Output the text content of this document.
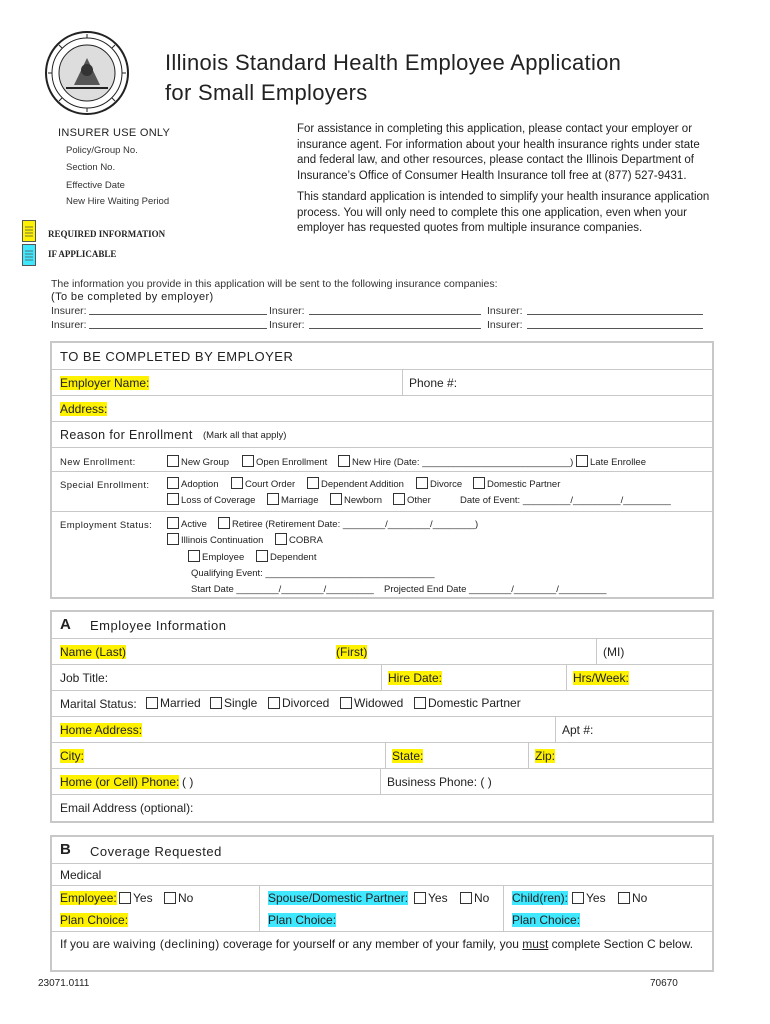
Illinois Standard Health Employee Application
for Small Employers
INSURER USE ONLY
Policy/Group No.
Section No.
Effective Date
New Hire Waiting Period
REQUIRED INFORMATION
IF APPLICABLE

For assistance in completing this application, please contact your employer or insurance agent. For information about your health insurance rights under state and federal law, and other resources, please contact the Illinois Department of Insurance’s Office of Consumer Health Insurance toll free at (877) 527-9431.

This standard application is intended to simplify your health insurance application process. You will only need to complete this one application, even when your employer has requested quotes from multiple insurance companies.

The information you provide in this application will be sent to the following insurance companies:
(To be completed by employer)
Insurer:	Insurer:	Insurer:
Insurer:	Insurer:	Insurer:
TO BE COMPLETED BY EMPLOYER
Employer Name:	Phone #:
Address:
Reason for Enrollment (Mark all that apply)
New Enrollment:	New Group	Open Enrollment	New Hire (Date: ____________________________)	Late Enrollee
Special Enrollment:	Adoption	Court Order	Dependent Addition	Divorce	Domestic Partner
Loss of Coverage	Marriage	Newborn	Other	Date of Event: _________/_________/_________
Employment Status:	Active	Retiree (Retirement Date: ________/________/________)
Illinois Continuation	COBRA
Employee	Dependent
Qualifying Event: ________________________________
Start Date ________/________/_________ Projected End Date ________/________/_________
A Employee Information
Name (Last)	(First)	(MI)
Job Title:	Hire Date:	Hrs/Week:
Marital Status:	Married	Single	Divorced	Widowed	Domestic Partner
Home Address:	Apt #:
City:	State:	Zip:
Home (or Cell) Phone: ( )	Business Phone: ( )
Email Address (optional):
B Coverage Requested
Medical
Employee:	Yes	No
Plan Choice:
Spouse/Domestic Partner:	Yes	No
Plan Choice:
Child(ren):	Yes	No
Plan Choice:
If you are waiving (declining) coverage for yourself or any member of your family, you must complete Section C below.
23071.0111	70670
